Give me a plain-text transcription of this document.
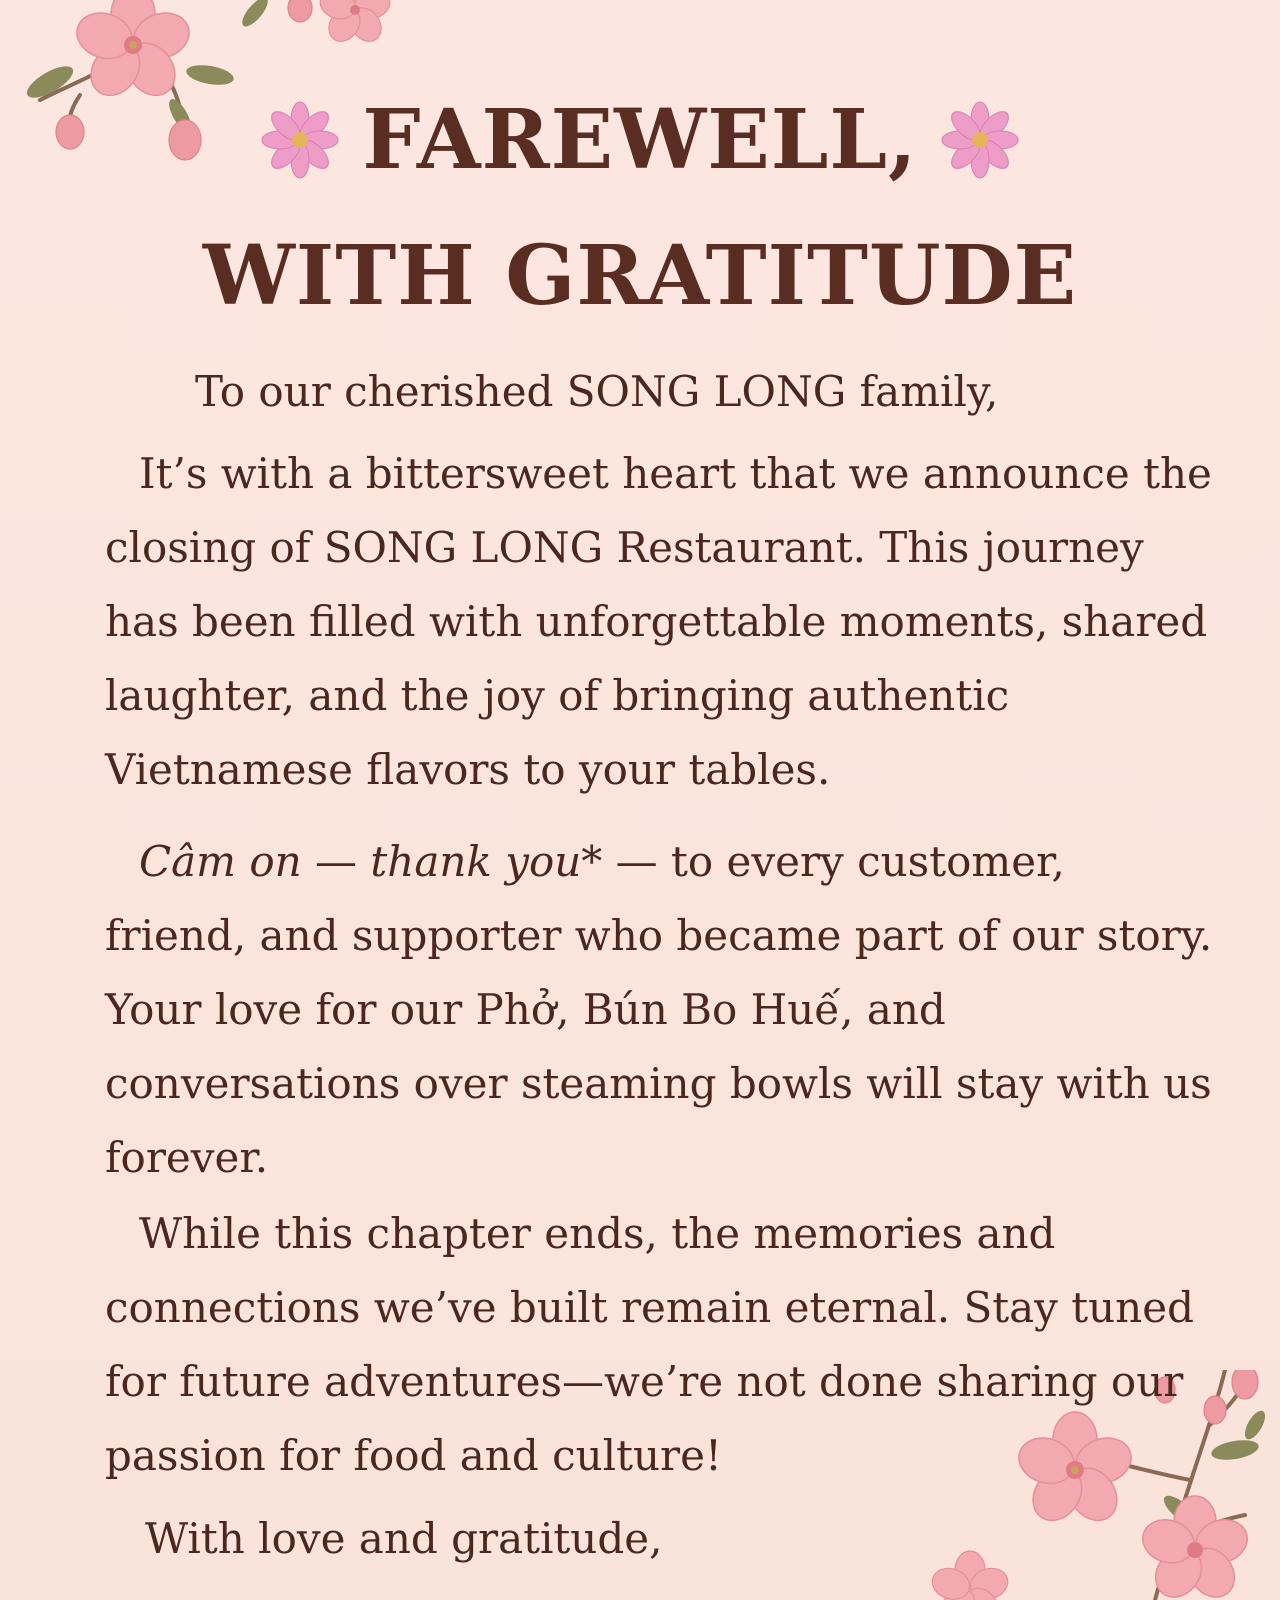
FAREWELL,
WITH GRATITUDE
To our cherished SONG LONG family,

It’s with a bittersweet heart that we announce the closing of SONG LONG Restaurant. This journey has been filled with unforgettable moments, shared laughter, and the joy of bringing authentic Vietnamese flavors to your tables.

Câm on — thank you* — to every customer, friend, and supporter who became part of our story. Your love for our Phở, Bún Bo Huế, and conversations over steaming bowls will stay with us forever.

While this chapter ends, the memories and connections we’ve built remain eternal. Stay tuned for future adventures—we’re not done sharing our passion for food and culture!

With love and gratitude,
